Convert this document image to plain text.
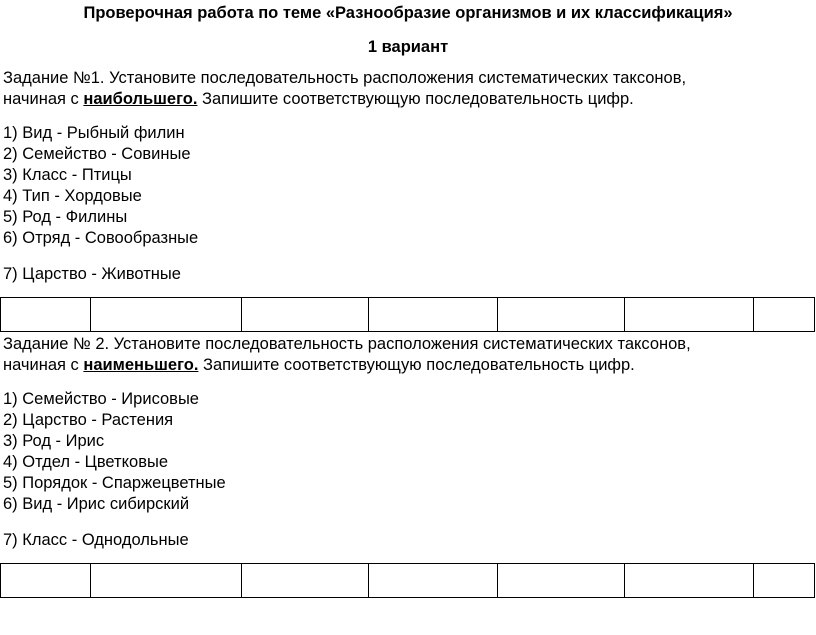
Проверочная работа по теме «Разнообразие организмов и их классификация»
1 вариант
Задание №1. Установите последовательность расположения систематических таксонов,
начиная с наибольшего. Запишите соответствующую последовательность цифр.
1) Вид - Рыбный филин
2) Семейство - Совиные
3) Класс - Птицы
4) Тип - Хордовые
5) Род - Филины
6) Отряд - Совообразные
7) Царство - Животные

Задание № 2. Установите последовательность расположения систематических таксонов,
начиная с наименьшего. Запишите соответствующую последовательность цифр.
1) Семейство - Ирисовые
2) Царство - Растения
3) Род - Ирис
4) Отдел - Цветковые
5) Порядок - Спаржецветные
6) Вид - Ирис сибирский
7) Класс - Однодольные
